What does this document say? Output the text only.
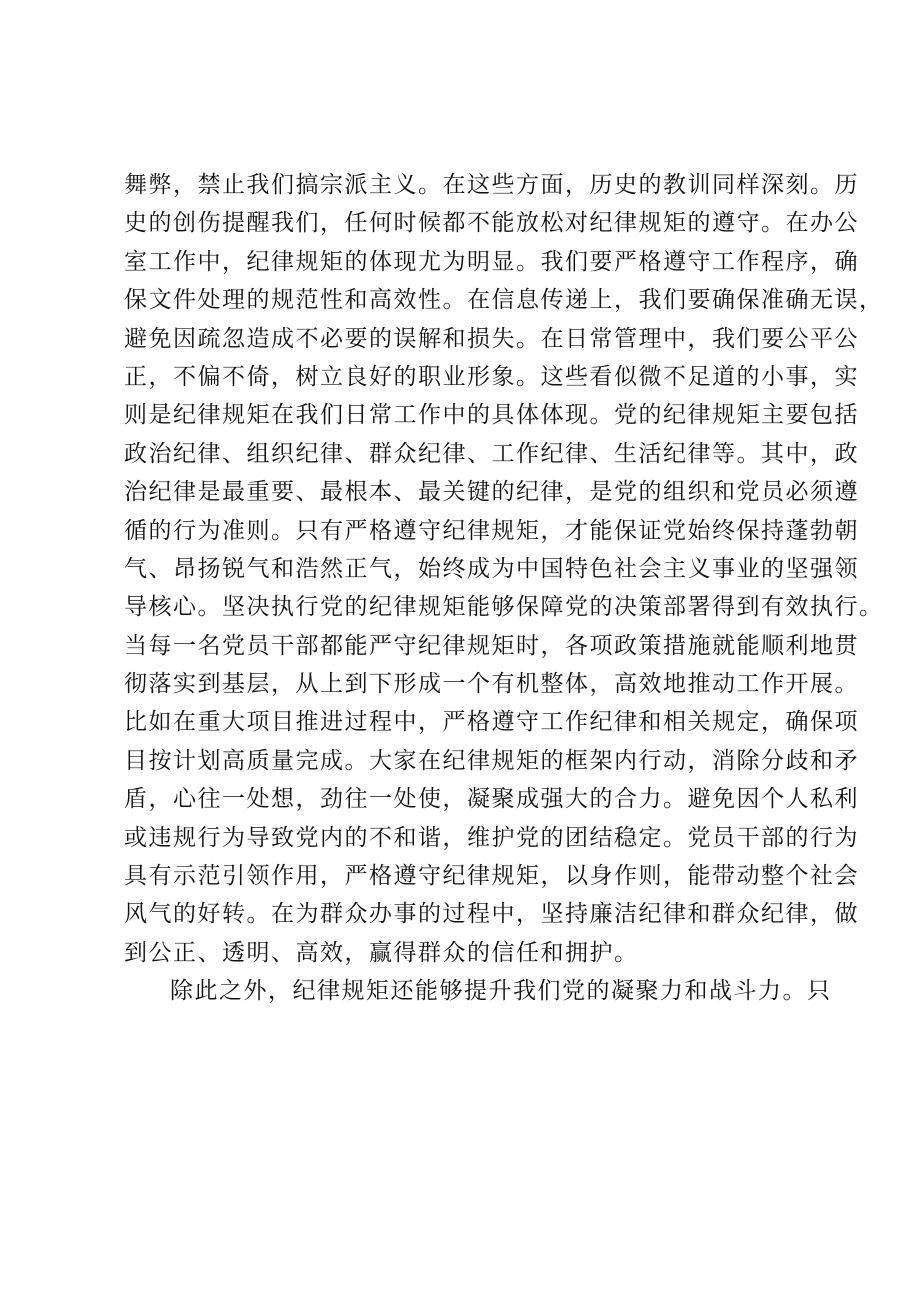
舞弊，禁止我们搞宗派主义。在这些方面，历史的教训同样深刻。历
史的创伤提醒我们，任何时候都不能放松对纪律规矩的遵守。在办公
室工作中，纪律规矩的体现尤为明显。我们要严格遵守工作程序，确
保文件处理的规范性和高效性。在信息传递上，我们要确保准确无误，
避免因疏忽造成不必要的误解和损失。在日常管理中，我们要公平公
正，不偏不倚，树立良好的职业形象。这些看似微不足道的小事，实
则是纪律规矩在我们日常工作中的具体体现。党的纪律规矩主要包括
政治纪律、组织纪律、群众纪律、工作纪律、生活纪律等。其中，政
治纪律是最重要、最根本、最关键的纪律，是党的组织和党员必须遵
循的行为准则。只有严格遵守纪律规矩，才能保证党始终保持蓬勃朝
气、昂扬锐气和浩然正气，始终成为中国特色社会主义事业的坚强领
导核心。坚决执行党的纪律规矩能够保障党的决策部署得到有效执行。
当每一名党员干部都能严守纪律规矩时，各项政策措施就能顺利地贯
彻落实到基层，从上到下形成一个有机整体，高效地推动工作开展。
比如在重大项目推进过程中，严格遵守工作纪律和相关规定，确保项
目按计划高质量完成。大家在纪律规矩的框架内行动，消除分歧和矛
盾，心往一处想，劲往一处使，凝聚成强大的合力。避免因个人私利
或违规行为导致党内的不和谐，维护党的团结稳定。党员干部的行为
具有示范引领作用，严格遵守纪律规矩，以身作则，能带动整个社会
风气的好转。在为群众办事的过程中，坚持廉洁纪律和群众纪律，做
到公正、透明、高效，赢得群众的信任和拥护。
除此之外，纪律规矩还能够提升我们党的凝聚力和战斗力。只
